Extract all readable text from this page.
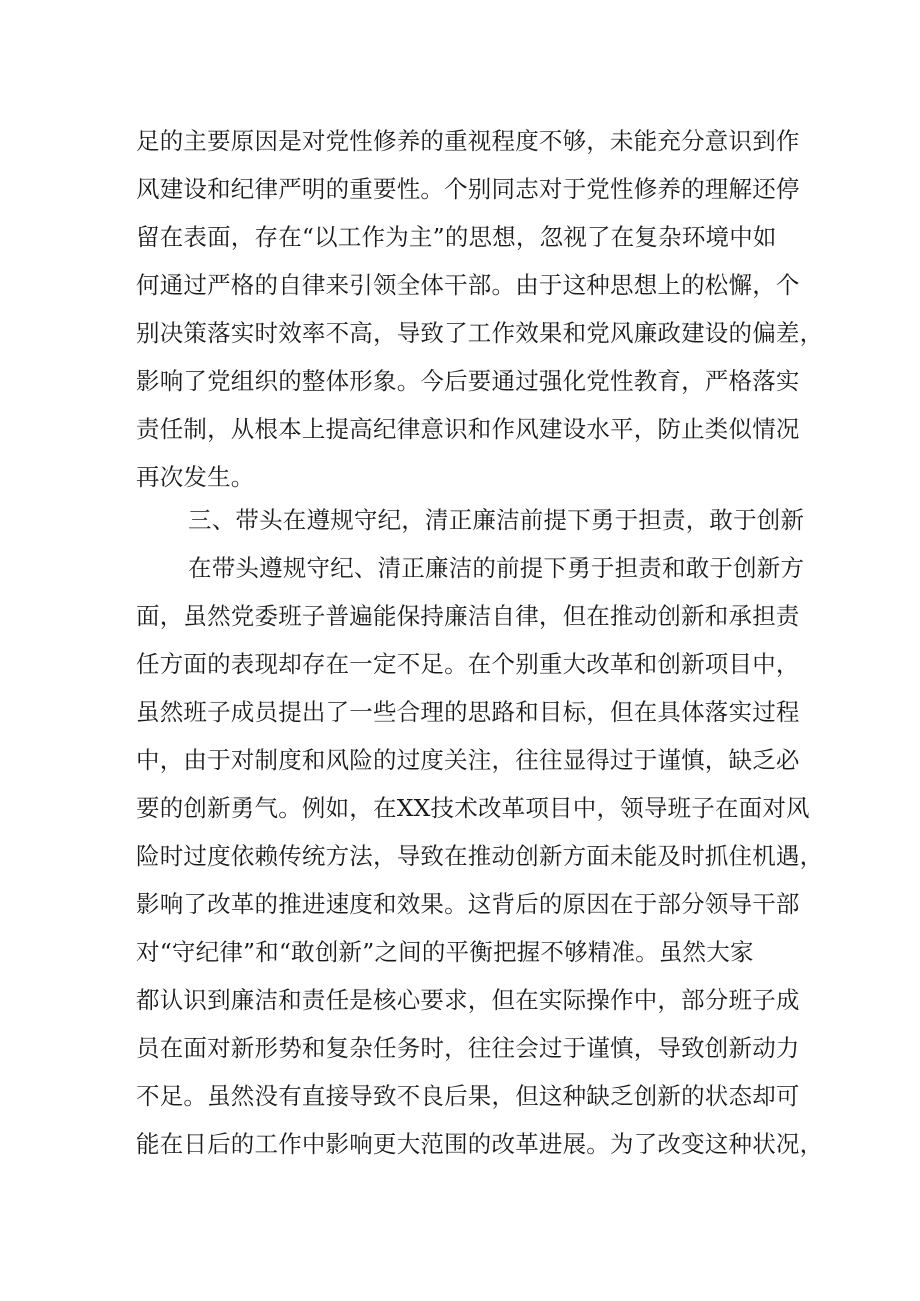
足的主要原因是对党性修养的重视程度不够，未能充分意识到作
风建设和纪律严明的重要性。个别同志对于党性修养的理解还停
留在表面，存在“以工作为主”的思想，忽视了在复杂环境中如
何通过严格的自律来引领全体干部。由于这种思想上的松懈，个
别决策落实时效率不高，导致了工作效果和党风廉政建设的偏差，
影响了党组织的整体形象。今后要通过强化党性教育，严格落实
责任制，从根本上提高纪律意识和作风建设水平，防止类似情况
再次发生。
三、带头在遵规守纪，清正廉洁前提下勇于担责，敢于创新
在带头遵规守纪、清正廉洁的前提下勇于担责和敢于创新方
面，虽然党委班子普遍能保持廉洁自律，但在推动创新和承担责
任方面的表现却存在一定不足。在个别重大改革和创新项目中，
虽然班子成员提出了一些合理的思路和目标，但在具体落实过程
中，由于对制度和风险的过度关注，往往显得过于谨慎，缺乏必
要的创新勇气。例如，在XX技术改革项目中，领导班子在面对风
险时过度依赖传统方法，导致在推动创新方面未能及时抓住机遇，
影响了改革的推进速度和效果。这背后的原因在于部分领导干部
对“守纪律”和“敢创新”之间的平衡把握不够精准。虽然大家
都认识到廉洁和责任是核心要求，但在实际操作中，部分班子成
员在面对新形势和复杂任务时，往往会过于谨慎，导致创新动力
不足。虽然没有直接导致不良后果，但这种缺乏创新的状态却可
能在日后的工作中影响更大范围的改革进展。为了改变这种状况，
